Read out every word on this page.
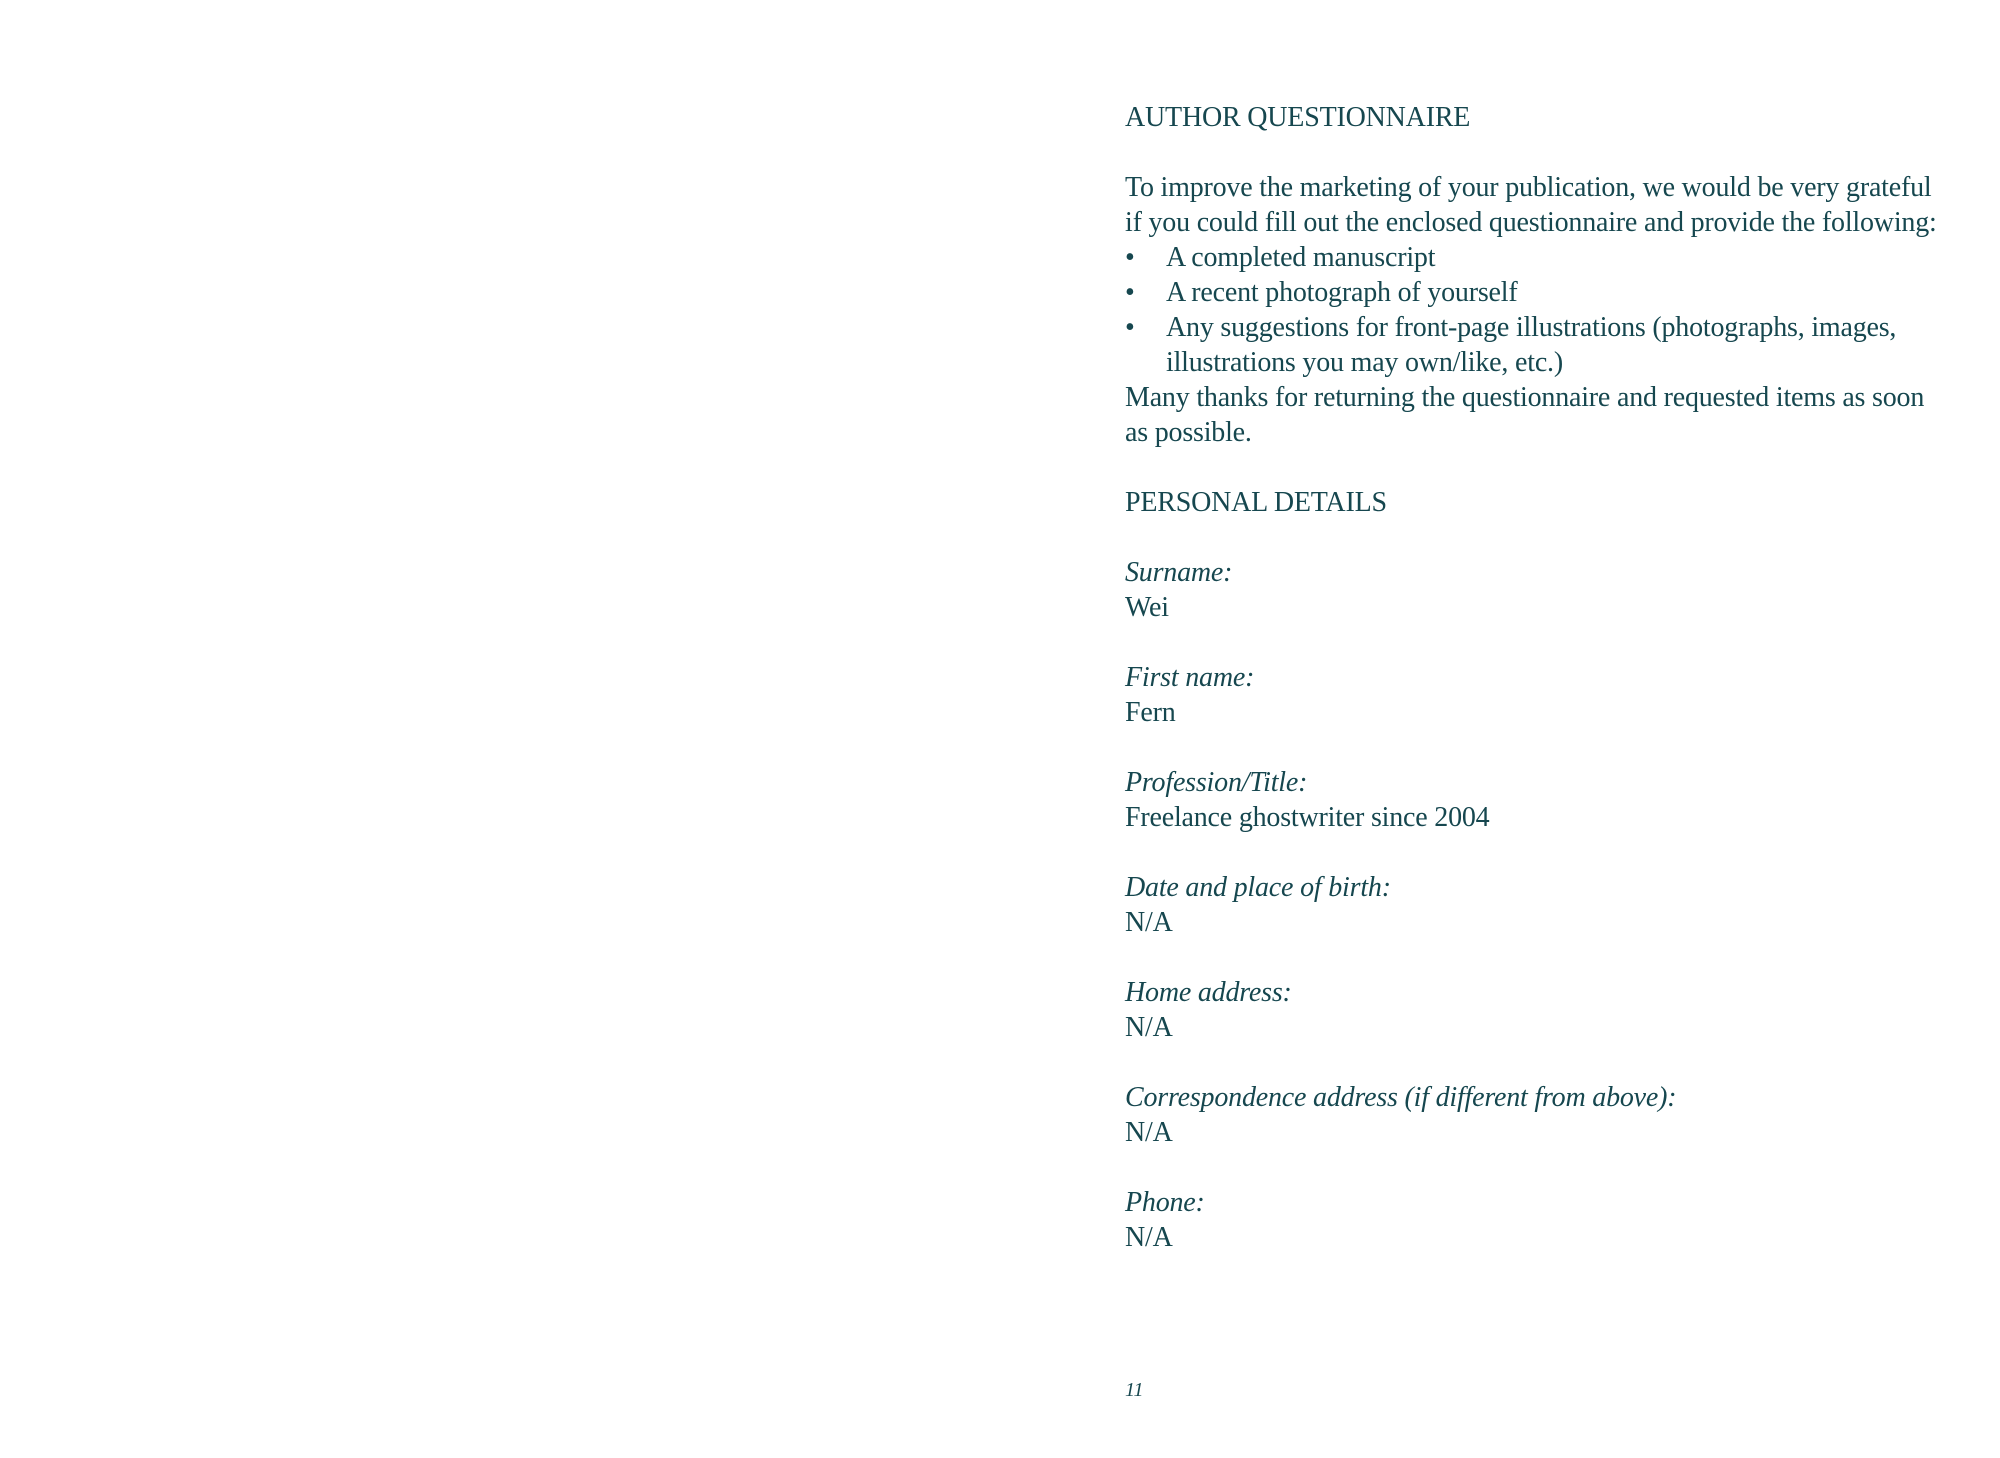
AUTHOR QUESTIONNAIRE

To improve the marketing of your publication, we would be very grateful if you could fill out the enclosed questionnaire and provide the following:

•	A completed manuscript
•	A recent photograph of yourself
•	Any suggestions for front-page illustrations (photographs, images, illustrations you may own/like, etc.)

Many thanks for returning the questionnaire and requested items as soon as possible.

PERSONAL DETAILS
Surname:
Wei
First name:
Fern
Profession/Title:
Freelance ghostwriter since 2004
Date and place of birth:
N/A
Home address:
N/A
Correspondence address (if different from above):
N/A
Phone:
N/A
11
